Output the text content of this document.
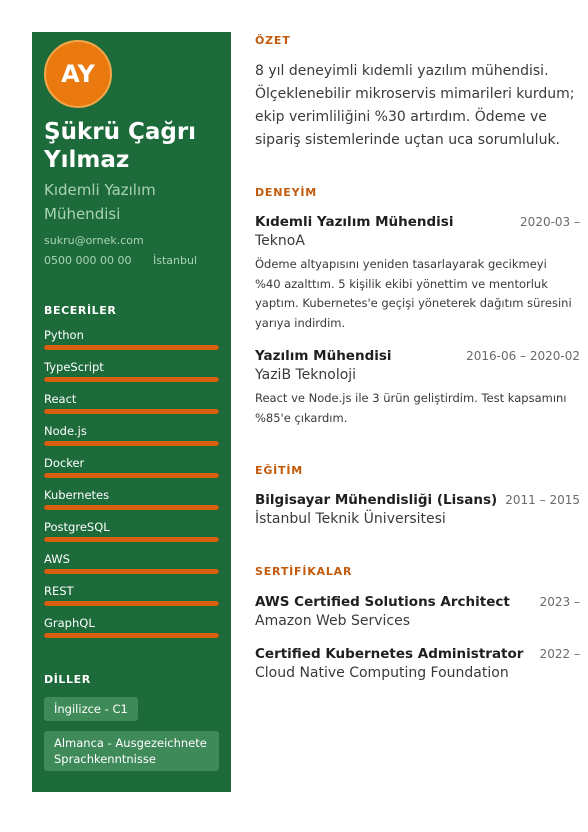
AY
Şükrü Çağrı Yılmaz
Kıdemli Yazılım Mühendisi
sukru@ornek.com
0500 000 00 00 İstanbul
BECERİLER
Python
TypeScript
React
Node.js
Docker
Kubernetes
PostgreSQL
AWS
REST
GraphQL
DİLLER
İngilizce - C1 Almanca - Ausgezeichnete Sprachkenntnisse
ÖZET
8 yıl deneyimli kıdemli yazılım mühendisi. Ölçeklenebilir mikroservis mimarileri kurdum; ekip verimliliğini %30 artırdım. Ödeme ve sipariş sistemlerinde uçtan uca sorumluluk.
DENEYİM
Kıdemli Yazılım Mühendisi	2020-03 –
TeknoA
Ödeme altyapısını yeniden tasarlayarak gecikmeyi %40 azalttım. 5 kişilik ekibi yönettim ve mentorluk yaptım. Kubernetes'e geçişi yöneterek dağıtım süresini yarıya indirdim.
Yazılım Mühendisi	2016-06 – 2020-02
YaziB Teknoloji
React ve Node.js ile 3 ürün geliştirdim. Test kapsamını %85'e çıkardım.
EĞİTİM
Bilgisayar Mühendisliği (Lisans) 2011 – 2015
İstanbul Teknik Üniversitesi
SERTİFİKALAR
AWS Certified Solutions Architect 2023 –
Amazon Web Services
Certified Kubernetes Administrator 2022 –
Cloud Native Computing Foundation
